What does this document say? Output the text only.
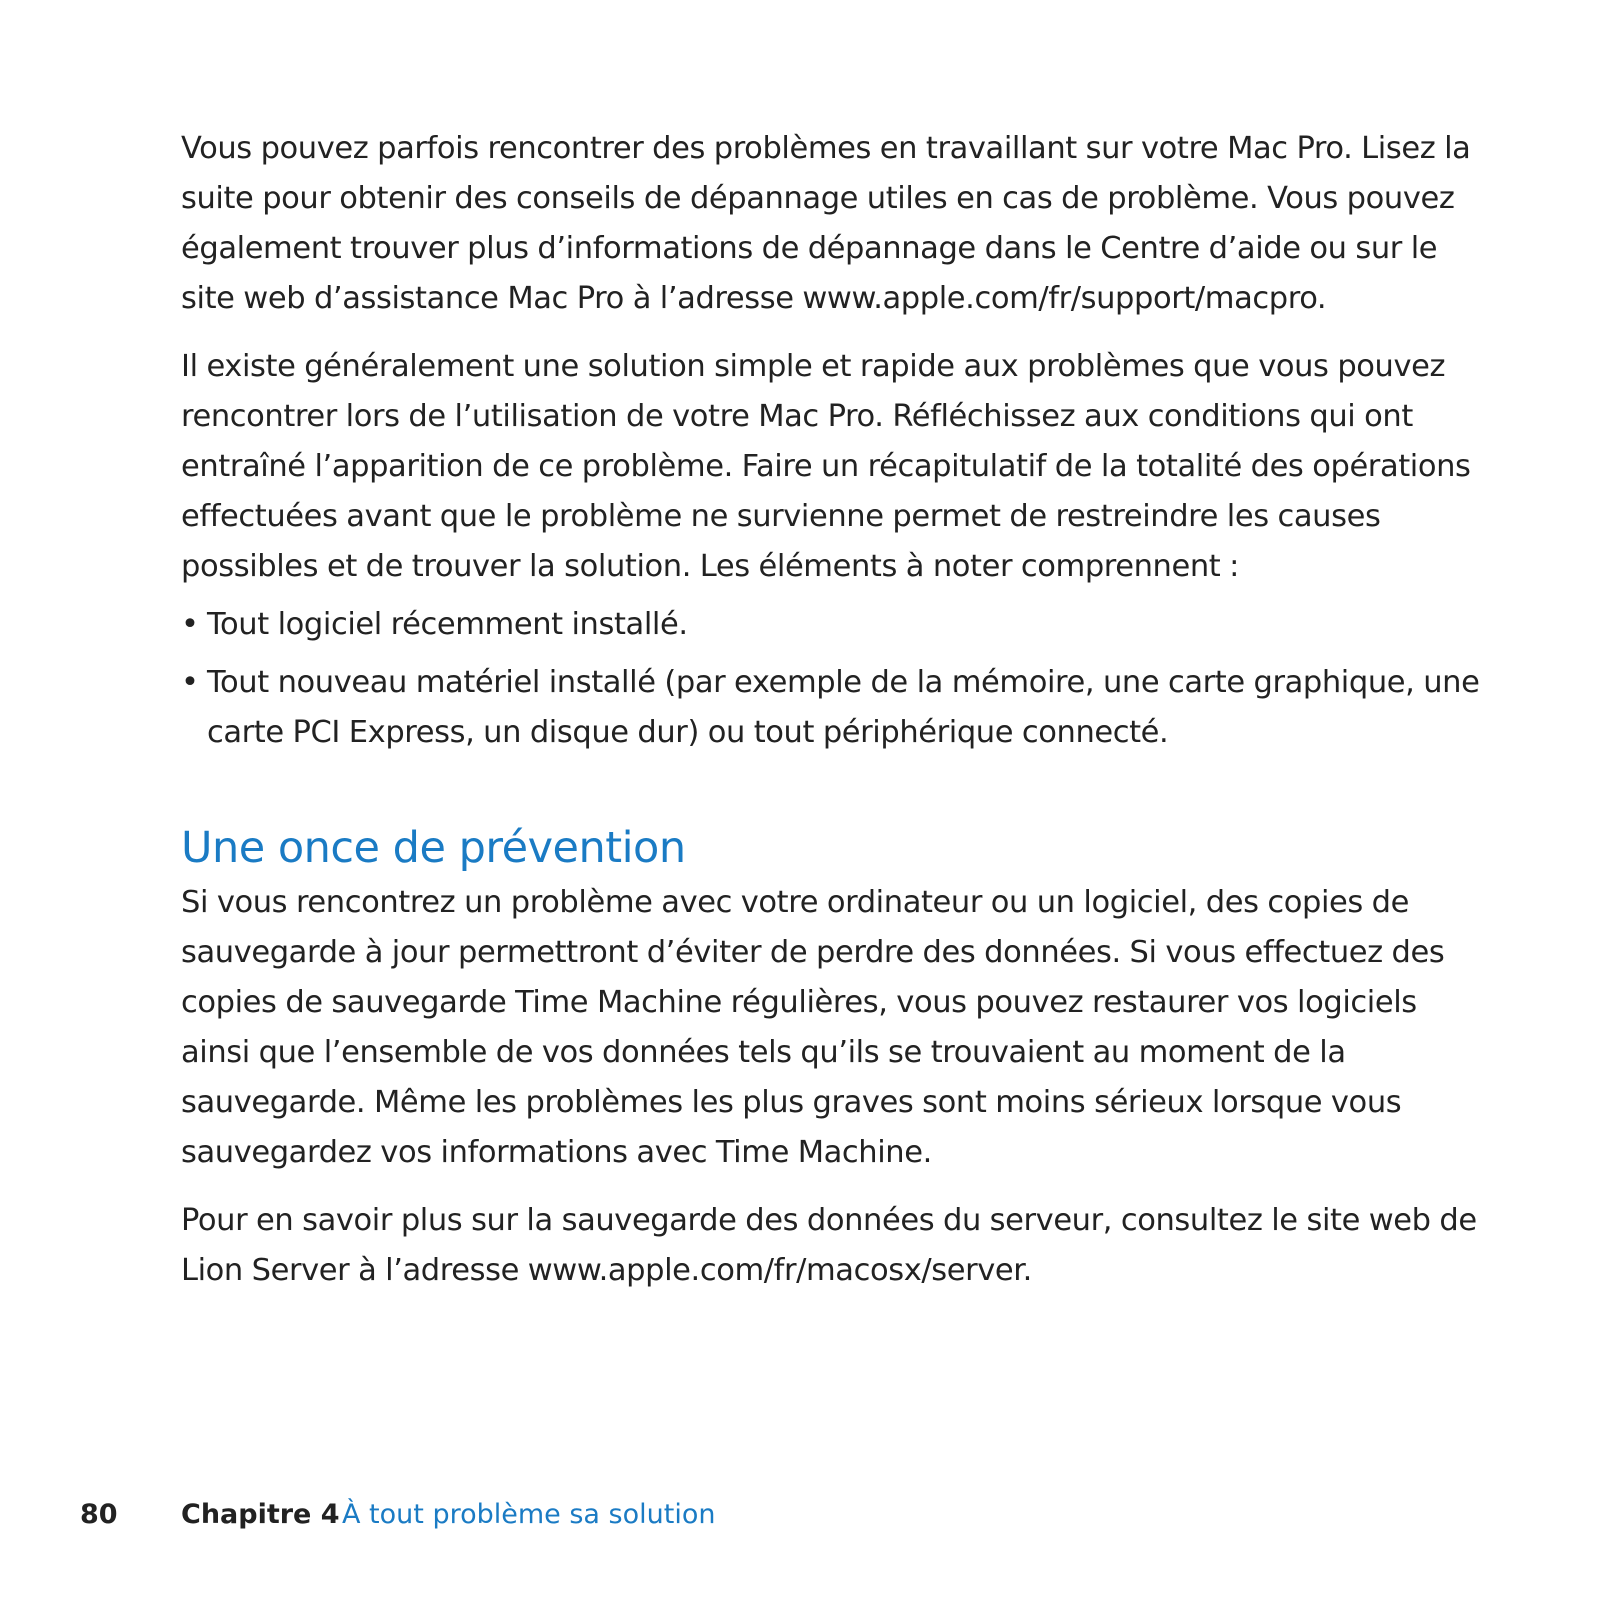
Vous pouvez parfois rencontrer des problèmes en travaillant sur votre Mac Pro. Lisez la suite pour obtenir des conseils de dépannage utiles en cas de problème. Vous pouvez également trouver plus d’informations de dépannage dans le Centre d’aide ou sur le site web d’assistance Mac Pro à l’adresse www.apple.com/fr/support/macpro.

Il existe généralement une solution simple et rapide aux problèmes que vous pouvez rencontrer lors de l’utilisation de votre Mac Pro. Réfléchissez aux conditions qui ont entraîné l’apparition de ce problème. Faire un récapitulatif de la totalité des opérations effectuées avant que le problème ne survienne permet de restreindre les causes possibles et de trouver la solution. Les éléments à noter comprennent :

• Tout logiciel récemment installé.
• Tout nouveau matériel installé (par exemple de la mémoire, une carte graphique, une carte PCI Express, un disque dur) ou tout périphérique connecté.
Une once de prévention

Si vous rencontrez un problème avec votre ordinateur ou un logiciel, des copies de sauvegarde à jour permettront d’éviter de perdre des données. Si vous effectuez des copies de sauvegarde Time Machine régulières, vous pouvez restaurer vos logiciels ainsi que l’ensemble de vos données tels qu’ils se trouvaient au moment de la sauvegarde. Même les problèmes les plus graves sont moins sérieux lorsque vous sauvegardez vos informations avec Time Machine.

Pour en savoir plus sur la sauvegarde des données du serveur, consultez le site web de Lion Server à l’adresse www.apple.com/fr/macosx/server.

80 Chapitre 4 À tout problème sa solution
